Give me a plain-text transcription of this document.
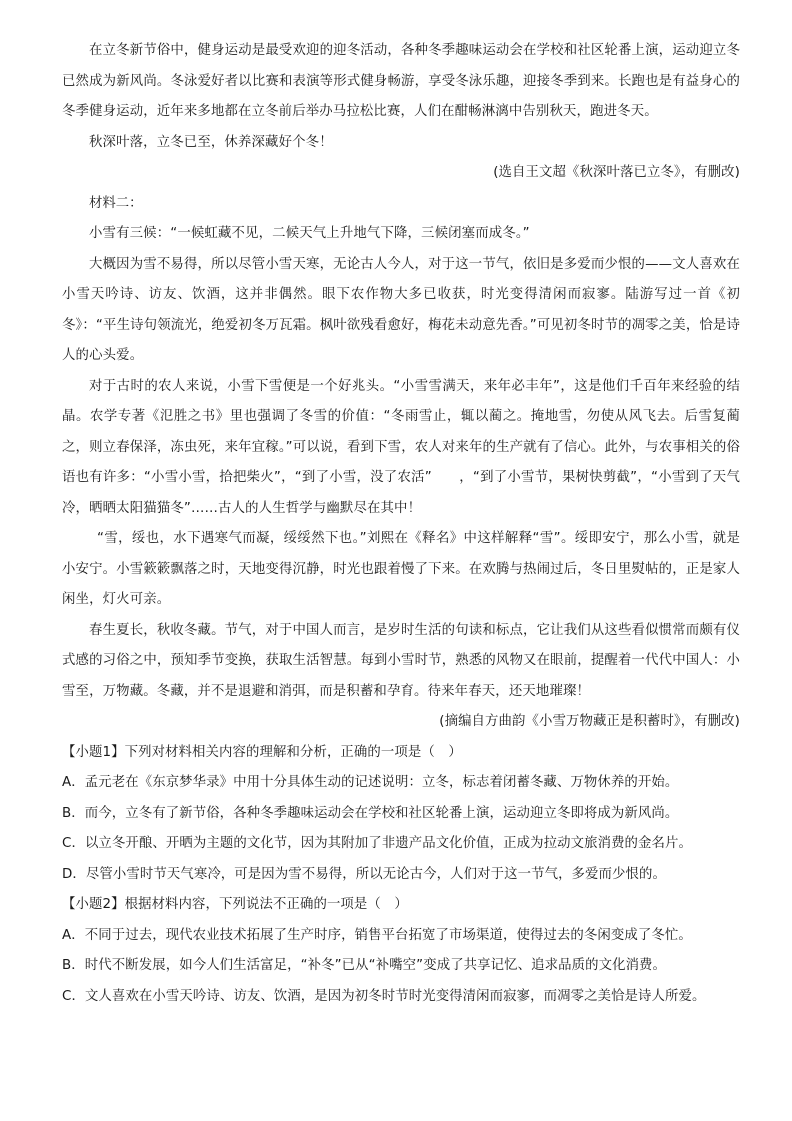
在立冬新节俗中，健身运动是最受欢迎的迎冬活动，各种冬季趣味运动会在学校和社区轮番上演，运动迎立冬已然成为新风尚。冬泳爱好者以比赛和表演等形式健身畅游，享受冬泳乐趣，迎接冬季到来。长跑也是有益身心的冬季健身运动，近年来多地都在立冬前后举办马拉松比赛，人们在酣畅淋漓中告别秋天，跑进冬天。

秋深叶落，立冬已至，休养深藏好个冬！

(选自王文超《秋深叶落已立冬》，有删改)

材料二：

小雪有三候：“一候虹藏不见，二候天气上升地气下降，三候闭塞而成冬。”

大概因为雪不易得，所以尽管小雪天寒，无论古人今人，对于这一节气，依旧是多爱而少恨的——文人喜欢在小雪天吟诗、访友、饮酒，这并非偶然。眼下农作物大多已收获，时光变得清闲而寂寥。陆游写过一首《初冬》：“平生诗句领流光，绝爱初冬万瓦霜。枫叶欲残看愈好，梅花未动意先香。”可见初冬时节的凋零之美，恰是诗人的心头爱。

对于古时的农人来说，小雪下雪便是一个好兆头。“小雪雪满天，来年必丰年”，这是他们千百年来经验的结晶。农学专著《氾胜之书》里也强调了冬雪的价值：“冬雨雪止，辄以蔺之。掩地雪，勿使从风飞去。后雪复蔺之，则立春保泽，冻虫死，来年宜稼。”可以说，看到下雪，农人对来年的生产就有了信心。此外，与农事相关的俗语也有许多：“小雪小雪，拾把柴火”，“到了小雪，没了农活”　　，“到了小雪节，果树快剪截”，“小雪到了天气冷，晒晒太阳猫猫冬”……古人的人生哲学与幽默尽在其中！

“雪，绥也，水下遇寒气而凝，绥绥然下也。”刘熙在《释名》中这样解释“雪”。绥即安宁，那么小雪，就是小安宁。小雪簌簌飘落之时，天地变得沉静，时光也跟着慢了下来。在欢腾与热闹过后，冬日里熨帖的，正是家人闲坐，灯火可亲。

春生夏长，秋收冬藏。节气，对于中国人而言，是岁时生活的句读和标点，它让我们从这些看似惯常而颇有仪式感的习俗之中，预知季节变换，获取生活智慧。每到小雪时节，熟悉的风物又在眼前，提醒着一代代中国人：小雪至，万物藏。冬藏，并不是退避和消弭，而是积蓄和孕育。待来年春天，还天地璀璨！

(摘编自方曲韵《小雪万物藏正是积蓄时》，有删改)

【小题1】下列对材料相关内容的理解和分析，正确的一项是（　）

A．孟元老在《东京梦华录》中用十分具体生动的记述说明：立冬，标志着闭蓄冬藏、万物休养的开始。

B．而今，立冬有了新节俗，各种冬季趣味运动会在学校和社区轮番上演，运动迎立冬即将成为新风尚。

C．以立冬开酿、开晒为主题的文化节，因为其附加了非遗产品文化价值，正成为拉动文旅消费的金名片。

D．尽管小雪时节天气寒冷，可是因为雪不易得，所以无论古今，人们对于这一节气，多爱而少恨的。

【小题2】根据材料内容，下列说法不正确的一项是（　）

A．不同于过去，现代农业技术拓展了生产时序，销售平台拓宽了市场渠道，使得过去的冬闲变成了冬忙。

B．时代不断发展，如今人们生活富足，“补冬”已从“补嘴空”变成了共享记忆、追求品质的文化消费。

C．文人喜欢在小雪天吟诗、访友、饮酒，是因为初冬时节时光变得清闲而寂寥，而凋零之美恰是诗人所爱。
